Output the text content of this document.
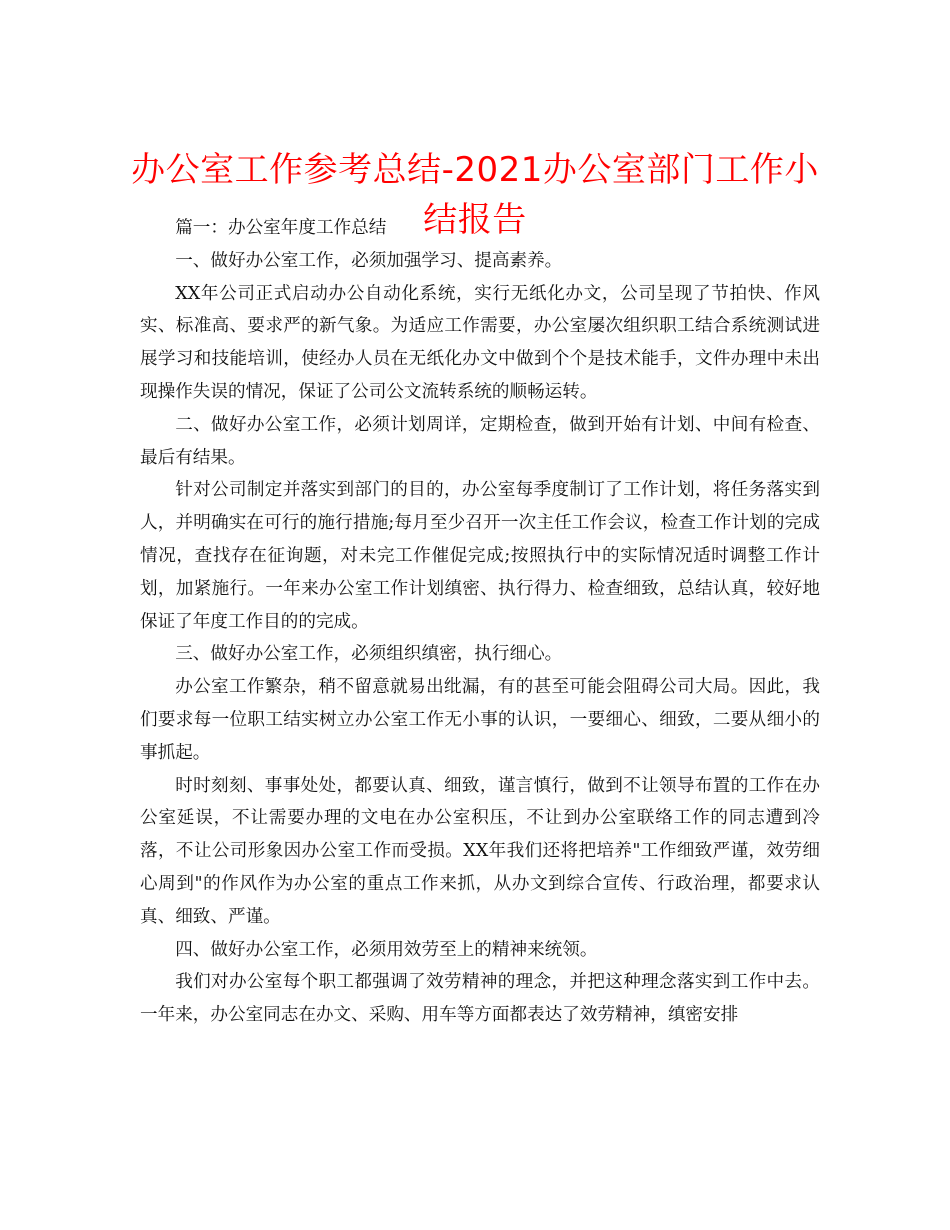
办公室工作参考总结-2021办公室部门工作小结报告

篇一：办公室年度工作总结

一、做好办公室工作，必须加强学习、提高素养。

XX年公司正式启动办公自动化系统，实行无纸化办文，公司呈现了节拍快、作风实、标准高、要求严的新气象。为适应工作需要，办公室屡次组织职工结合系统测试进展学习和技能培训，使经办人员在无纸化办文中做到个个是技术能手，文件办理中未出现操作失误的情况，保证了公司公文流转系统的顺畅运转。

二、做好办公室工作，必须计划周详，定期检查，做到开始有计划、中间有检查、最后有结果。

针对公司制定并落实到部门的目的，办公室每季度制订了工作计划，将任务落实到人，并明确实在可行的施行措施;每月至少召开一次主任工作会议，检查工作计划的完成情况，查找存在征询题，对未完工作催促完成;按照执行中的实际情况适时调整工作计划，加紧施行。一年来办公室工作计划缜密、执行得力、检查细致，总结认真，较好地保证了年度工作目的的完成。

三、做好办公室工作，必须组织缜密，执行细心。

办公室工作繁杂，稍不留意就易出纰漏，有的甚至可能会阻碍公司大局。因此，我们要求每一位职工结实树立办公室工作无小事的认识，一要细心、细致，二要从细小的事抓起。

时时刻刻、事事处处，都要认真、细致，谨言慎行，做到不让领导布置的工作在办公室延误，不让需要办理的文电在办公室积压，不让到办公室联络工作的同志遭到冷落，不让公司形象因办公室工作而受损。XX年我们还将把培养"工作细致严谨，效劳细心周到"的作风作为办公室的重点工作来抓，从办文到综合宣传、行政治理，都要求认真、细致、严谨。

四、做好办公室工作，必须用效劳至上的精神来统领。

我们对办公室每个职工都强调了效劳精神的理念，并把这种理念落实到工作中去。一年来，办公室同志在办文、采购、用车等方面都表达了效劳精神，缜密安排
